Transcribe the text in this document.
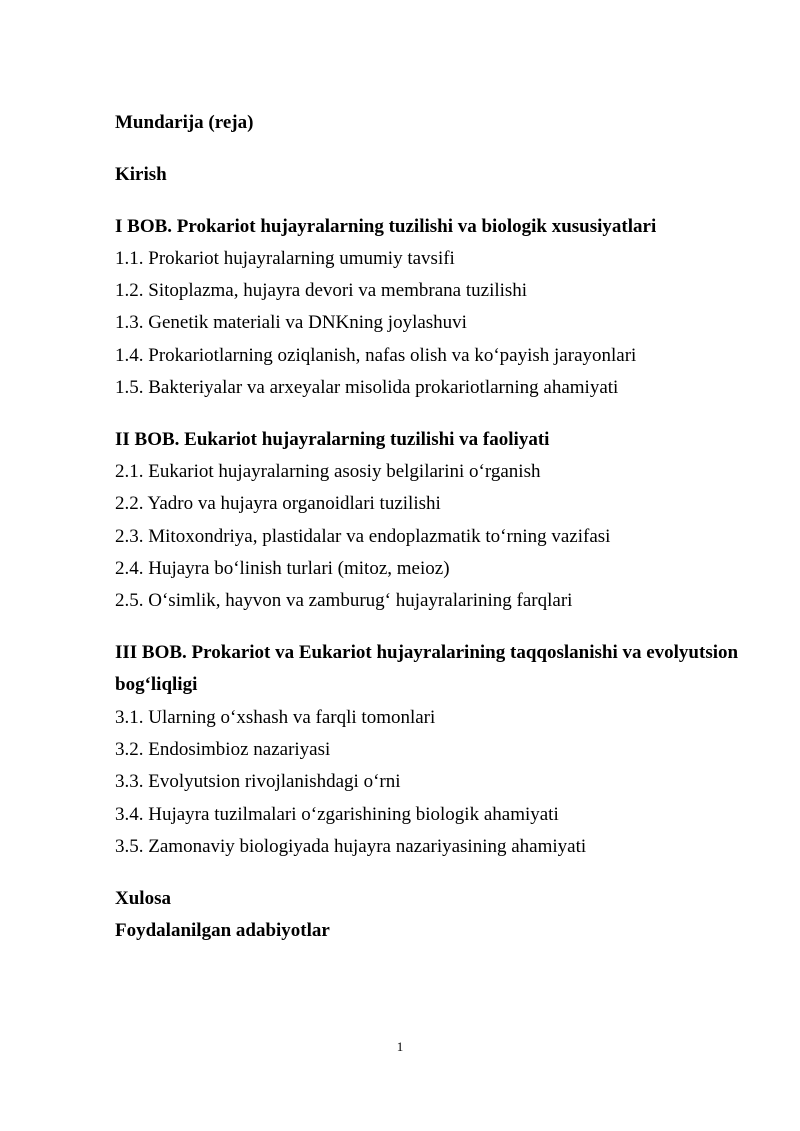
Mundarija (reja)

Kirish

I BOB. Prokariot hujayralarning tuzilishi va biologik xususiyatlari

1.1. Prokariot hujayralarning umumiy tavsifi

1.2. Sitoplazma, hujayra devori va membrana tuzilishi

1.3. Genetik materiali va DNKning joylashuvi

1.4. Prokariotlarning oziqlanish, nafas olish va koʻpayish jarayonlari

1.5. Bakteriyalar va arxeyalar misolida prokariotlarning ahamiyati

II BOB. Eukariot hujayralarning tuzilishi va faoliyati

2.1. Eukariot hujayralarning asosiy belgilarini oʻrganish

2.2. Yadro va hujayra organoidlari tuzilishi

2.3. Mitoxondriya, plastidalar va endoplazmatik toʻrning vazifasi

2.4. Hujayra boʻlinish turlari (mitoz, meioz)

2.5. Oʻsimlik, hayvon va zamburugʻ hujayralarining farqlari

III BOB. Prokariot va Eukariot hujayralarining taqqoslanishi va evolyutsion bogʻliqligi

3.1. Ularning oʻxshash va farqli tomonlari

3.2. Endosimbioz nazariyasi

3.3. Evolyutsion rivojlanishdagi oʻrni

3.4. Hujayra tuzilmalari oʻzgarishining biologik ahamiyati

3.5. Zamonaviy biologiyada hujayra nazariyasining ahamiyati

Xulosa

Foydalanilgan adabiyotlar

1
